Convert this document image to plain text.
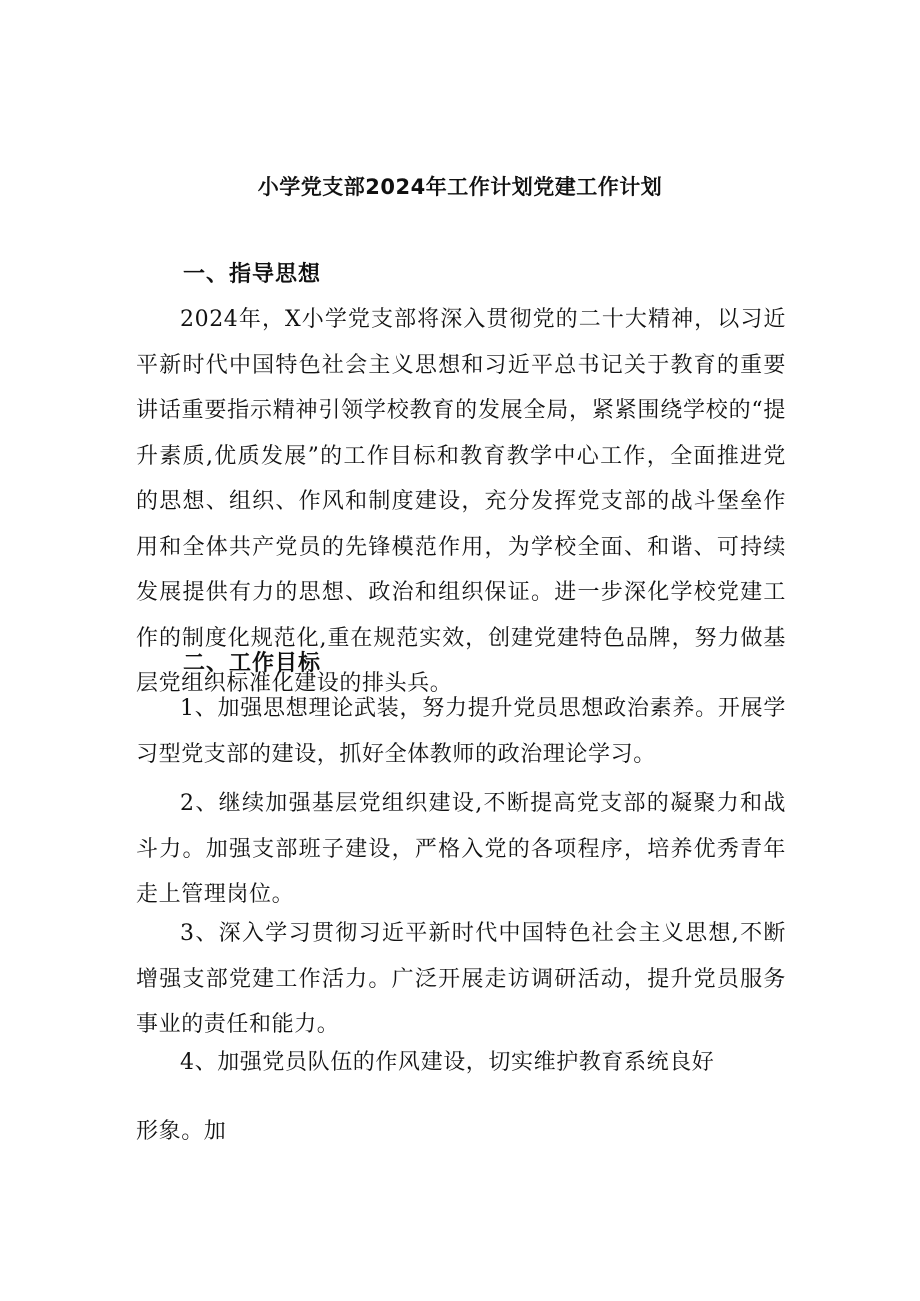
小学党支部2024年工作计划党建工作计划
一、指导思想
2024年，X小学党支部将深入贯彻党的二十大精神，以习近平新时代中国特色社会主义思想和习近平总书记关于教育的重要讲话重要指示精神引领学校教育的发展全局，紧紧围绕学校的“提升素质,优质发展”的工作目标和教育教学中心工作，全面推进党的思想、组织、作风和制度建设，充分发挥党支部的战斗堡垒作用和全体共产党员的先锋模范作用，为学校全面、和谐、可持续发展提供有力的思想、政治和组织保证。进一步深化学校党建工作的制度化规范化,重在规范实效，创建党建特色品牌，努力做基层党组织标准化建设的排头兵。
二、工作目标
1、加强思想理论武装，努力提升党员思想政治素养。开展学习型党支部的建设，抓好全体教师的政治理论学习。
2、继续加强基层党组织建设,不断提高党支部的凝聚力和战斗力。加强支部班子建设，严格入党的各项程序，培养优秀青年走上管理岗位。
3、深入学习贯彻习近平新时代中国特色社会主义思想,不断增强支部党建工作活力。广泛开展走访调研活动，提升党员服务事业的责任和能力。
4、加强党员队伍的作风建设，切实维护教育系统良好
形象。加
